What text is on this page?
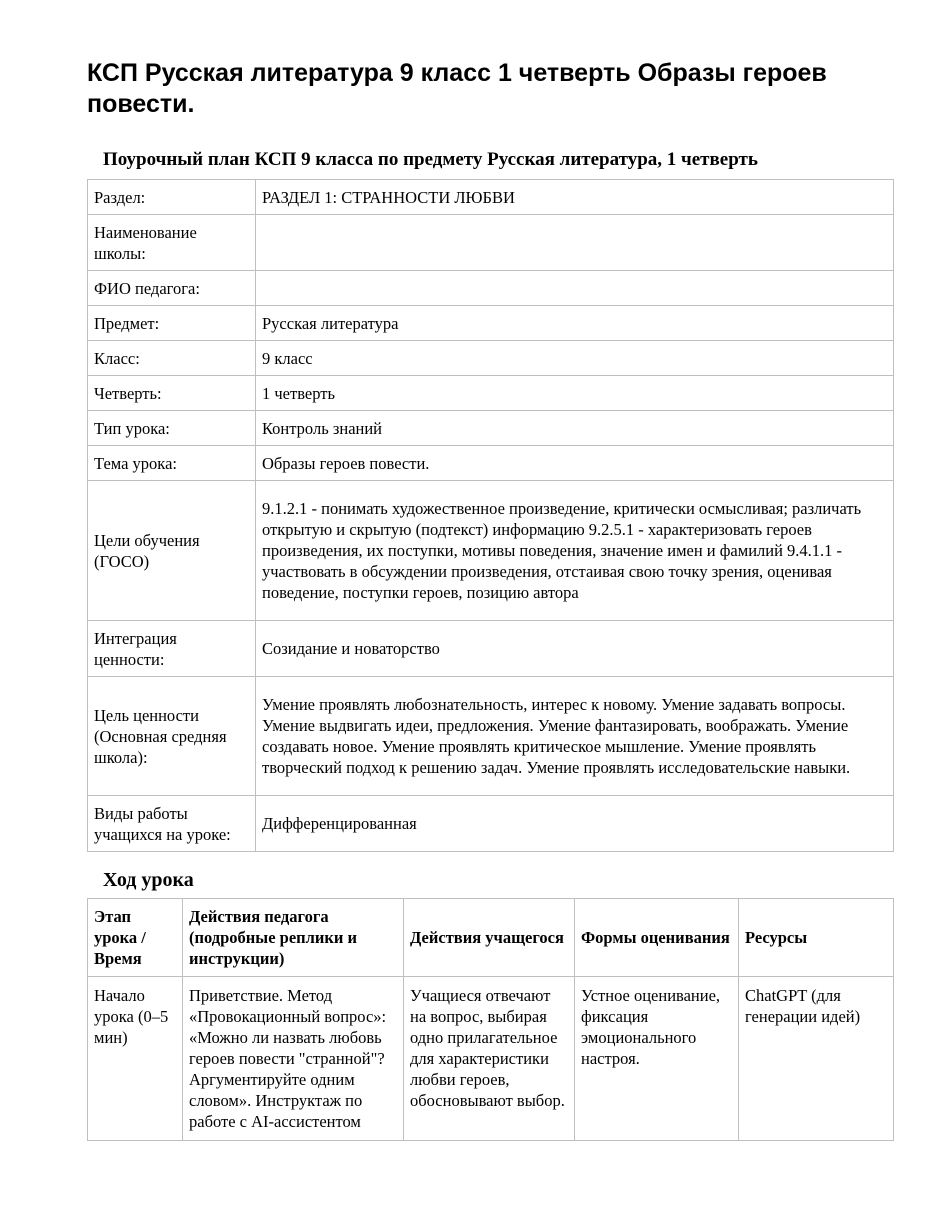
КСП Русская литература 9 класс 1 четверть Образы героев повести.
Поурочный план КСП 9 класса по предмету Русская литература, 1 четверть
Раздел:	РАЗДЕЛ 1: СТРАННОСТИ ЛЮБВИ
Наименование школы:	
ФИО педагога:	
Предмет:	Русская литература
Класс:	9 класс
Четверть:	1 четверть
Тип урока:	Контроль знаний
Тема урока:	Образы героев повести.
Цели обучения (ГОСО)	9.1.2.1 - понимать художественное произведение, критически осмысливая; различать открытую и скрытую (подтекст) информацию 9.2.5.1 - характеризовать героев произведения, их поступки, мотивы поведения, значение имен и фамилий 9.4.1.1 - участвовать в обсуждении произведения, отстаивая свою точку зрения, оценивая поведение, поступки героев, позицию автора
Интеграция ценности:	Созидание и новаторство
Цель ценности (Основная средняя школа):	Умение проявлять любознательность, интерес к новому. Умение задавать вопросы. Умение выдвигать идеи, предложения. Умение фантазировать, воображать. Умение создавать новое. Умение проявлять критическое мышление. Умение проявлять творческий подход к решению задач. Умение проявлять исследовательские навыки.
Виды работы учащихся на уроке:	Дифференцированная
Ход урока
Этап урока / Время	Действия педагога (подробные реплики и инструкции)	Действия учащегося	Формы оценивания	Ресурсы
Начало урока (0–5 мин)	Приветствие. Метод «Провокационный вопрос»: «Можно ли назвать любовь героев повести "странной"? Аргументируйте одним словом». Инструктаж по работе с AI-ассистентом	Учащиеся отвечают на вопрос, выбирая одно прилагательное для характеристики любви героев, обосновывают выбор.	Устное оценивание, фиксация эмоционального настроя.	ChatGPT (для генерации идей)
